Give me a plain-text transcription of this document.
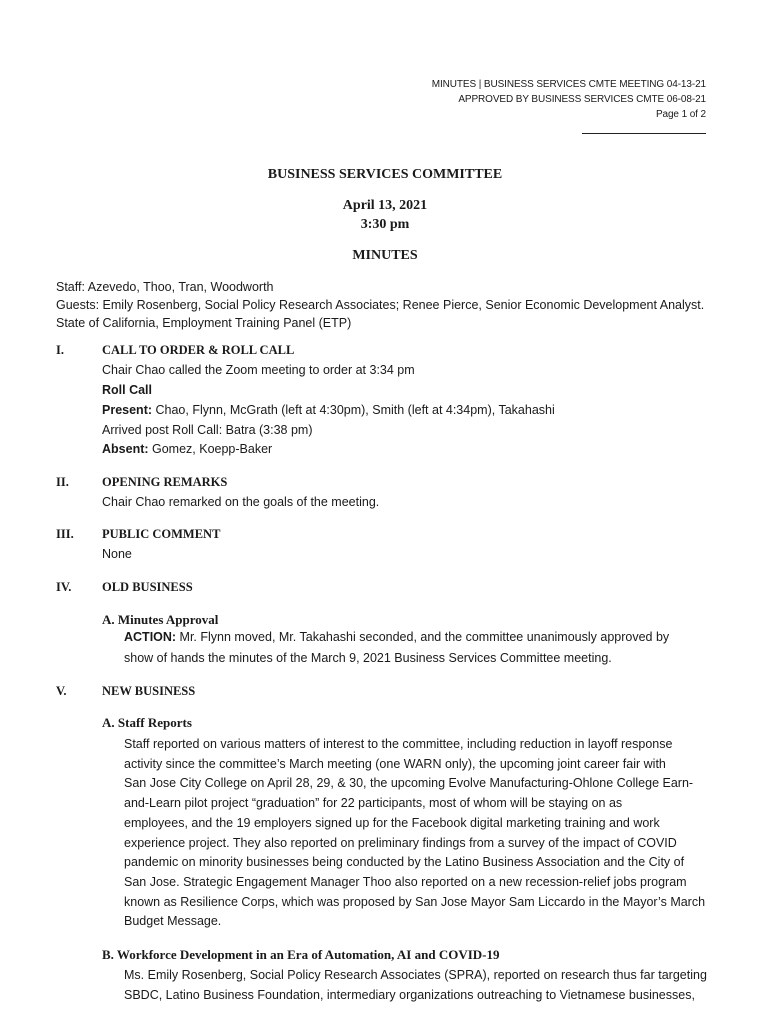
MINUTES | BUSINESS SERVICES CMTE MEETING 04-13-21
APPROVED BY BUSINESS SERVICES CMTE 06-08-21
Page 1 of 2
BUSINESS SERVICES COMMITTEE
April 13, 2021
3:30 pm
MINUTES
Staff: Azevedo, Thoo, Tran, Woodworth
Guests: Emily Rosenberg, Social Policy Research Associates; Renee Pierce, Senior Economic Development Analyst.
State of California, Employment Training Panel (ETP)
I.	CALL TO ORDER & ROLL CALL
Chair Chao called the Zoom meeting to order at 3:34 pm
Roll Call
Present: Chao, Flynn, McGrath (left at 4:30pm), Smith (left at 4:34pm), Takahashi
Arrived post Roll Call: Batra (3:38 pm)
Absent: Gomez, Koepp-Baker
II.	OPENING REMARKS
Chair Chao remarked on the goals of the meeting.
III. PUBLIC COMMENT
None
IV. OLD BUSINESS
A. Minutes Approval
ACTION: Mr. Flynn moved, Mr. Takahashi seconded, and the committee unanimously approved by
show of hands the minutes of the March 9, 2021 Business Services Committee meeting.
V.	NEW BUSINESS
A. Staff Reports
Staff reported on various matters of interest to the committee, including reduction in layoff response
activity since the committee’s March meeting (one WARN only), the upcoming joint career fair with
San Jose City College on April 28, 29, & 30, the upcoming Evolve Manufacturing-Ohlone College Earn-
and-Learn pilot project “graduation” for 22 participants, most of whom will be staying on as
employees, and the 19 employers signed up for the Facebook digital marketing training and work
experience project. They also reported on preliminary findings from a survey of the impact of COVID
pandemic on minority businesses being conducted by the Latino Business Association and the City of
San Jose. Strategic Engagement Manager Thoo also reported on a new recession-relief jobs program
known as Resilience Corps, which was proposed by San Jose Mayor Sam Liccardo in the Mayor’s March
Budget Message.
B. Workforce Development in an Era of Automation, AI and COVID-19
Ms. Emily Rosenberg, Social Policy Research Associates (SPRA), reported on research thus far targeting
SBDC, Latino Business Foundation, intermediary organizations outreaching to Vietnamese businesses,
